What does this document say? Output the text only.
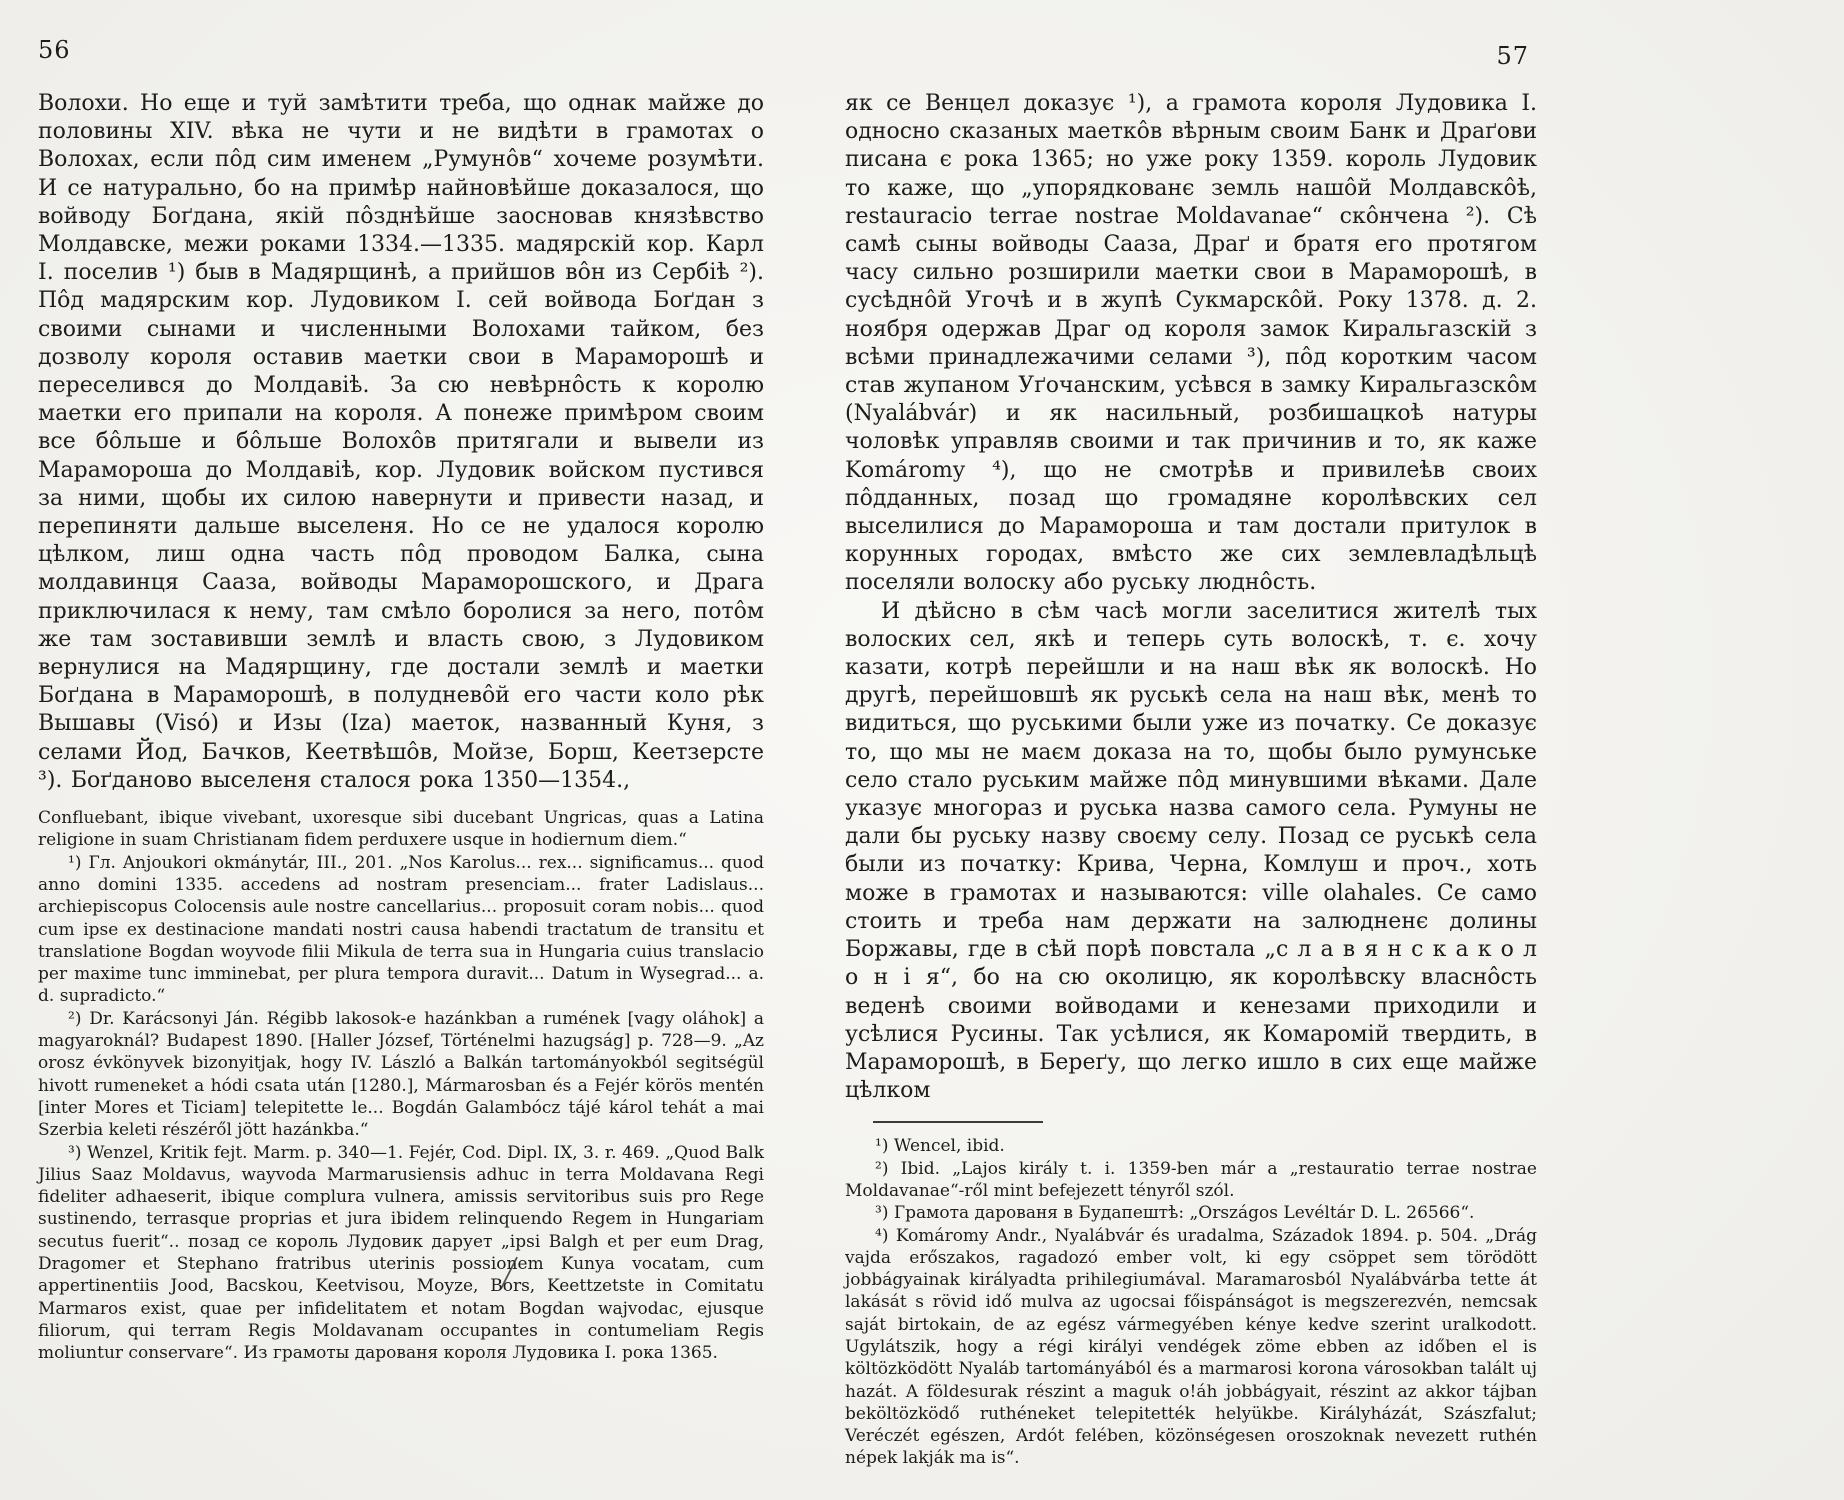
56

Волохи. Но еще и туй замѣтити треба, що однак майже до половины XIV. вѣка не чути и не видѣти в грамотах о Волохах, если пôд сим именем „Румунôв“ хочеме розумѣти. И се натурально, бо на примѣр найновѣйше доказалося, що войводу Боґдана, якій пôзднѣйше заосновав князѣвство Молдавске, межи роками 1334.—1335. мадярскій кор. Карл I. поселив ¹) быв в Мадярщинѣ, а прийшов вôн из Сербіѣ ²). Пôд мадярским кор. Лудовиком I. сей войвода Боґдан з своими сынами и численными Волохами тайком, без дозволу короля оставив маетки свои в Мараморошѣ и переселився до Молдавіѣ. За сю невѣрнôсть к королю маетки его припали на короля. А понеже примѣром своим все бôльше и бôльше Волохôв притягали и вывели из Марамороша до Молдавіѣ, кор. Лудовик войском пустився за ними, щобы их силою навернути и привести назад, и перепиняти дальше выселеня. Но се не удалося королю цѣлком, лиш одна часть пôд проводом Балка, сына молдавинця Сааза, войводы Мараморошского, и Драга приключилася к нему, там смѣло боролися за него, потôм же там зоставивши землѣ и власть свою, з Лудовиком вернулися на Мадярщину, где достали землѣ и маетки Боґдана в Мараморошѣ, в полудневôй его части коло рѣк Вышавы (Visó) и Изы (Iza) маеток, названный Куня, з селами Йод, Бачков, Кеетвѣшôв, Мойзе, Борш, Кеетзерсте ³). Боґданово выселеня сталося рока 1350—1354.,

Confluebant, ibique vivebant, uxoresque sibi ducebant Ungricas, quas a Latina religione in suam Christianam fidem perduxere usque in hodiernum diem.“

¹) Гл. Anjoukori okmánytár, III., 201. „Nos Karolus... rex... significamus... quod anno domini 1335. accedens ad nostram presenciam... frater Ladislaus... archiepiscopus Colocensis aule nostre cancellarius... proposuit coram nobis... quod cum ipse ex destinacione mandati nostri causa habendi tractatum de transitu et translatione Bogdan woyvode filii Mikula de terra sua in Hungaria cuius translacio per maxime tunc imminebat, per plura tempora duravit... Datum in Wysegrad... a. d. supradicto.“

²) Dr. Karácsonyi Ján. Régibb lakosok-e hazánkban a rumének [vagy oláhok] a magyaroknál? Budapest 1890. [Haller József, Történelmi hazugság] p. 728—9. „Az orosz évkönyvek bizonyitjak, hogy IV. László a Balkán tartományokból segitségül hivott rumeneket a hódi csata után [1280.], Mármarosban és a Fejér körös mentén [inter Mores et Ticiam] telepitette le... Bogdán Galambócz tájé károl tehát a mai Szerbia keleti részéről jött hazánkba.“

³) Wenzel, Kritik fejt. Marm. p. 340—1. Fejér, Cod. Dipl. IX, 3. r. 469. „Quod Balk Jilius Saaz Moldavus, wayvoda Marmarusiensis adhuc in terra Moldavana Regi fideliter adhaeserit, ibique complura vulnera, amissis servitoribus suis pro Rege sustinendo, terrasque proprias et jura ibidem relinquendo Regem in Hungariam secutus fuerit“.. позад се король Лудовик дарует „ipsi Balgh et per eum Drag, Dragomer et Stephano fratribus uterinis possionem Kunya vocatam, cum appertinentiis Jood, Bacskou, Keetvisou, Moyze, Bors, Keettzetste in Comitatu Marmaros exist, quae per infidelitatem et notam Bogdan wajvodac, ejusque filiorum, qui terram Regis Moldavanam occupantes in contumeliam Regis moliuntur conservare“. Из грамоты дарованя короля Лудовика I. рока 1365.

57

як се Венцел доказує ¹), а грамота короля Лудовика I. односно сказаных маеткôв вѣрным своим Банк и Драґови писана є рока 1365; но уже року 1359. король Лудовик то каже, що „упорядкованє земль нашôй Молдавскôѣ, restauracio terrae nostrae Moldavanae“ скôнчена ²). Сѣ самѣ сыны войводы Сааза, Драґ и братя его протягом часу сильно розширили маетки свои в Мараморошѣ, в сусѣднôй Угочѣ и в жупѣ Сукмарскôй. Року 1378. д. 2. ноября одержав Драг од короля замок Киральгазскій з всѣми принадлежачими селами ³), пôд коротким часом став жупаном Уґочанским, усѣвся в замку Киральгазскôм (Nyalábvár) и як насильный, розбишацкоѣ натуры чоловѣк управляв своими и так причинив и то, як каже Komáromy ⁴), що не смотрѣв и привилеѣв своих пôдданных, позад що громадяне королѣвских сел выселилися до Марамороша и там достали притулок в корунных городах, вмѣсто же сих землевладѣльцѣ поселяли волоску або руську люднôсть.

И дѣйсно в сѣм часѣ могли заселитися жителѣ тых волоских сел, якѣ и теперь суть волоскѣ, т. є. хочу казати, котрѣ перейшли и на наш вѣк як волоскѣ. Но другѣ, перейшовшѣ як руськѣ села на наш вѣк, менѣ то видиться, що руськими были уже из початку. Се доказує то, що мы не маєм доказа на то, щобы было румунське село стало руським майже пôд минувшими вѣками. Дале указує многораз и руська назва самого села. Румуны не дали бы руську назву своєму селу. Позад се руськѣ села были из початку: Крива, Черна, Комлуш и проч., хоть може в грамотах и называются: ville olahales. Се само стоить и треба нам держати на залюдненє долины Боржавы, где в сѣй порѣ повстала „с л а в я н с к а к о л о н і я“, бо на сю околицю, як королѣвску власнôсть веденѣ своими войводами и кенезами приходили и усѣлися Русины. Так усѣлися, як Комаромій твердить, в Мараморошѣ, в Береґу, що легко ишло в сих еще майже цѣлком

¹) Wencel, ibid.

²) Ibid. „Lajos király t. i. 1359-ben már a „restauratio terrae nostrae Moldavanae“-ről mint befejezett tényről szól.

³) Грамота дарованя в Будапештѣ: „Országos Levéltár D. L. 26566“.

⁴) Komáromy Andr., Nyalábvár és uradalma, Századok 1894. p. 504. „Drág vajda erőszakos, ragadozó ember volt, ki egy csöppet sem törödött jobbágyainak királyadta prihilegiumával. Maramarosból Nyalábvárba tette át lakását s rövid idő mulva az ugocsai főispánságot is megszerezvén, nemcsak saját birtokain, de az egész vármegyében kénye kedve szerint uralkodott. Ugylátszik, hogy a régi királyi vendégek zöme ebben az időben el is költözködött Nyaláb tartományából és a marmarosi korona városokban talált uj hazát. A földesurak részint a maguk o!áh jobbágyait, részint az akkor tájban beköltözködő ruthéneket telepitették helyükbe. Királyházát, Szászfalut; Veréczét egészen, Ardót felében, közönségesen oroszoknak nevezett ruthén népek lakják ma is“.
